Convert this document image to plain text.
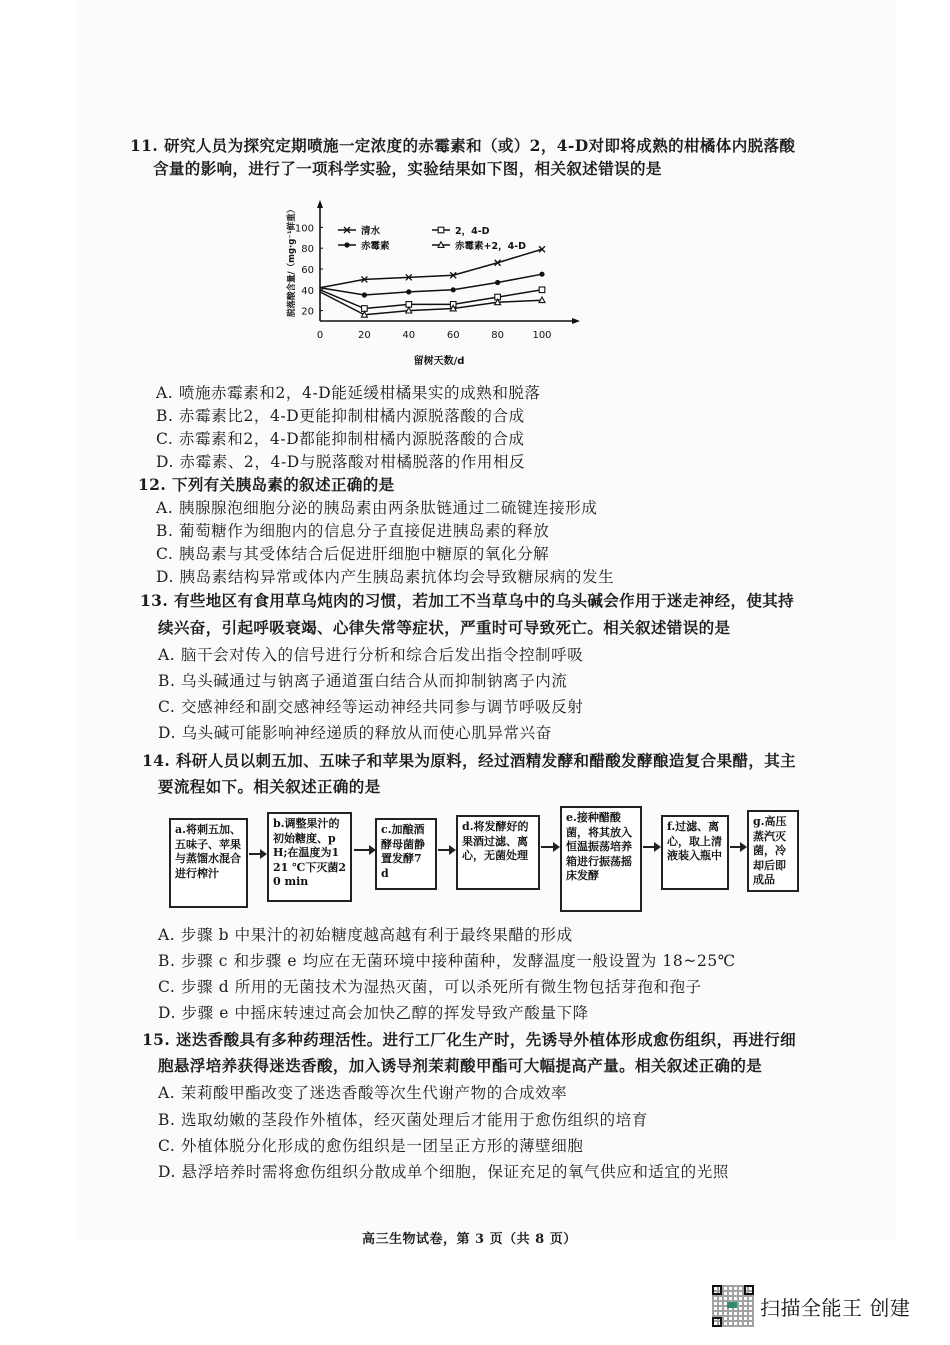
11. 研究人员为探究定期喷施一定浓度的赤霉素和（或）2，4-D对即将成熟的柑橘体内脱落酸
含量的影响，进行了一项科学实验，实验结果如下图，相关叙述错误的是
20
40
60
80
100
0	20	40	60	80	100
脱落酸含量/（mg·g⁻¹鲜重）
留树天数/d
清水
赤霉素
2，4-D
赤霉素+2，4-D
A. 喷施赤霉素和2，4-D能延缓柑橘果实的成熟和脱落
B. 赤霉素比2，4-D更能抑制柑橘内源脱落酸的合成
C. 赤霉素和2，4-D都能抑制柑橘内源脱落酸的合成
D. 赤霉素、2，4-D与脱落酸对柑橘脱落的作用相反
12. 下列有关胰岛素的叙述正确的是
A. 胰腺腺泡细胞分泌的胰岛素由两条肽链通过二硫键连接形成
B. 葡萄糖作为细胞内的信息分子直接促进胰岛素的释放
C. 胰岛素与其受体结合后促进肝细胞中糖原的氧化分解
D. 胰岛素结构异常或体内产生胰岛素抗体均会导致糖尿病的发生
13. 有些地区有食用草乌炖肉的习惯，若加工不当草乌中的乌头碱会作用于迷走神经，使其持
续兴奋，引起呼吸衰竭、心律失常等症状，严重时可导致死亡。相关叙述错误的是
A. 脑干会对传入的信号进行分析和综合后发出指令控制呼吸
B. 乌头碱通过与钠离子通道蛋白结合从而抑制钠离子内流
C. 交感神经和副交感神经等运动神经共同参与调节呼吸反射
D. 乌头碱可能影响神经递质的释放从而使心肌异常兴奋
14. 科研人员以刺五加、五味子和苹果为原料，经过酒精发酵和醋酸发酵酿造复合果醋，其主
要流程如下。相关叙述正确的是
a.将刺五加、五味子、苹果与蒸馏水混合进行榨汁
b.调整果汁的初始糖度、pH;在温度为121 ℃下灭菌20 min
c.加酿酒酵母菌静置发酵7 d
d.将发酵好的果酒过滤、离心，无菌处理
e.接种醋酸菌，将其放入恒温振荡培养箱进行振荡摇床发酵
f.过滤、离心，取上清液装入瓶中
g.高压蒸汽灭菌，冷却后即成品
A. 步骤 b 中果汁的初始糖度越高越有利于最终果醋的形成
B. 步骤 c 和步骤 e 均应在无菌环境中接种菌种，发酵温度一般设置为 18~25℃
C. 步骤 d 所用的无菌技术为湿热灭菌，可以杀死所有微生物包括芽孢和孢子
D. 步骤 e 中摇床转速过高会加快乙醇的挥发导致产酸量下降
15. 迷迭香酸具有多种药理活性。进行工厂化生产时，先诱导外植体形成愈伤组织，再进行细
胞悬浮培养获得迷迭香酸，加入诱导剂茉莉酸甲酯可大幅提高产量。相关叙述正确的是
A. 茉莉酸甲酯改变了迷迭香酸等次生代谢产物的合成效率
B. 选取幼嫩的茎段作外植体，经灭菌处理后才能用于愈伤组织的培育
C. 外植体脱分化形成的愈伤组织是一团呈正方形的薄壁细胞
D. 悬浮培养时需将愈伤组织分散成单个细胞，保证充足的氧气供应和适宜的光照
高三生物试卷，第 3 页（共 8 页）
扫描全能王 创建
